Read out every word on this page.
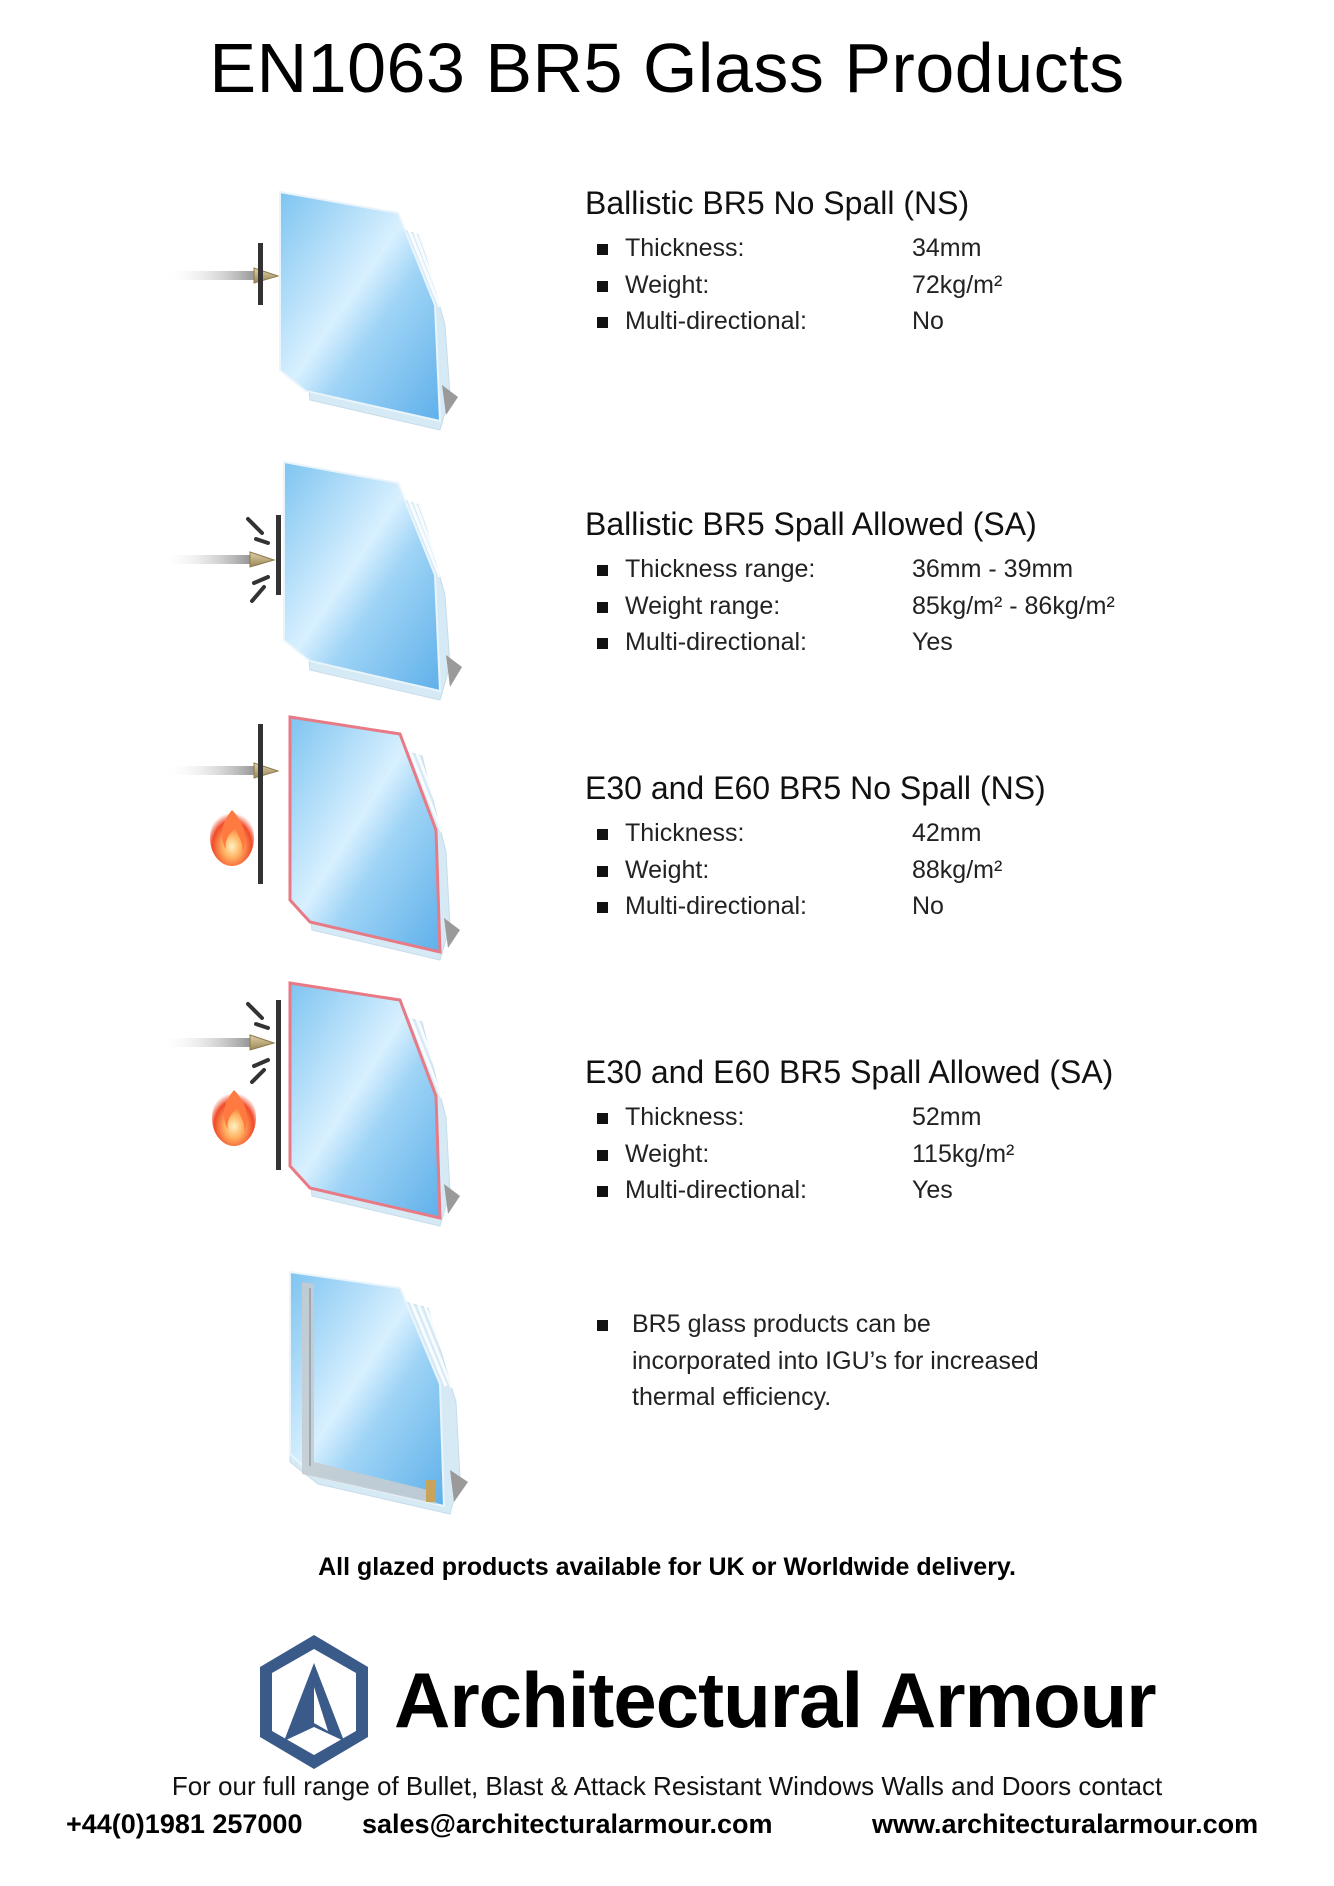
EN1063 BR5 Glass Products
Ballistic BR5 No Spall (NS)
Thickness:	34mm
Weight:	72kg/m²
Multi-directional:	No
Ballistic BR5 Spall Allowed (SA)
Thickness range:	36mm - 39mm
Weight range:	85kg/m² - 86kg/m²
Multi-directional:	Yes
E30 and E60 BR5 No Spall (NS)
Thickness:	42mm
Weight:	88kg/m²
Multi-directional:	No
E30 and E60 BR5 Spall Allowed (SA)
Thickness:	52mm
Weight:	115kg/m²
Multi-directional:	Yes
BR5 glass products can be incorporated into IGU’s for increased thermal efficiency.
All glazed products available for UK or Worldwide delivery.
Architectural Armour
For our full range of Bullet, Blast & Attack Resistant Windows Walls and Doors contact
+44(0)1981 257000 sales@architecturalarmour.com	www.architecturalarmour.com
